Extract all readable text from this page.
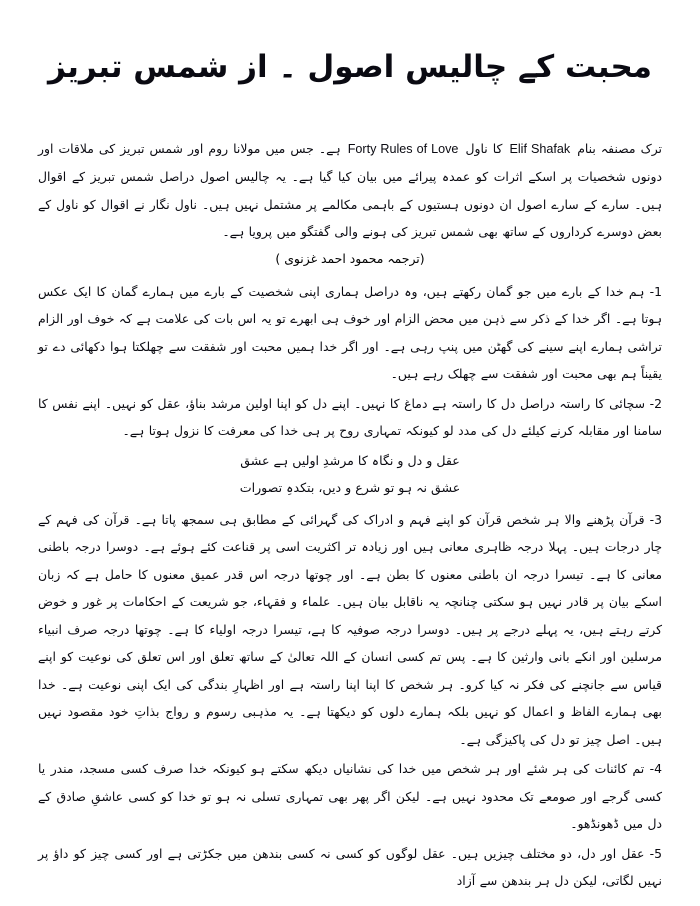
محبت کے چالیس اصول ۔ از شمس تبریز

ترک مصنفہ بنام Elif Shafak کا ناول Forty Rules of Love ہے۔ جس میں مولانا روم اور شمس تبریز کی ملاقات اور دونوں شخصیات پر اسکے اثرات کو عمدہ پیرائے میں بیان کیا گیا ہے۔ یہ چالیس اصول دراصل شمس تبریز کے اقوال ہیں۔ سارے کے سارے اصول ان دونوں ہستیوں کے باہمی مکالمے پر مشتمل نہیں ہیں۔ ناول نگار نے اقوال کو ناول کے بعض دوسرے کرداروں کے ساتھ بھی شمس تبریز کی ہونے والی گفتگو میں پرویا ہے۔

(ترجمہ محمود احمد غزنوی )

1- ہم خدا کے بارے میں جو گمان رکھتے ہیں، وہ دراصل ہماری اپنی شخصیت کے بارے میں ہمارے گمان کا ایک عکس ہوتا ہے۔ اگر خدا کے ذکر سے ذہن میں محض الزام اور خوف ہی ابھرے تو یہ اس بات کی علامت ہے کہ خوف اور الزام تراشی ہمارے اپنے سینے کی گھٹن میں پنپ رہی ہے۔ اور اگر خدا ہمیں محبت اور شفقت سے چھلکتا ہوا دکھائی دے تو یقیناً ہم بھی محبت اور شفقت سے چھلک رہے ہیں۔

2- سچائی کا راستہ دراصل دل کا راستہ ہے دماغ کا نہیں۔ اپنے دل کو اپنا اولین مرشد بناؤ، عقل کو نہیں۔ اپنے نفس کا سامنا اور مقابلہ کرنے کیلئے دل کی مدد لو کیونکہ تمہاری روح پر ہی خدا کی معرفت کا نزول ہوتا ہے۔

عقل و دل و نگاہ کا مرشدِ اولیں ہے عشق

عشق نہ ہو تو شرع و دیں، بتکدہِ تصورات

3- قرآن پڑھنے والا ہر شخص قرآن کو اپنے فہم و ادراک کی گہرائی کے مطابق ہی سمجھ پاتا ہے۔ قرآن کی فہم کے چار درجات ہیں۔ پہلا درجہ ظاہری معانی ہیں اور زیادہ تر اکثریت اسی پر قناعت کئے ہوئے ہے۔ دوسرا درجہ باطنی معانی کا ہے۔ تیسرا درجہ ان باطنی معنوں کا بطن ہے۔ اور چوتھا درجہ اس قدر عمیق معنوں کا حامل ہے کہ زبان اسکے بیان پر قادر نہیں ہو سکتی چنانچہ یہ ناقابل بیان ہیں۔ علماء و فقہاء، جو شریعت کے احکامات پر غور و خوض کرتے رہتے ہیں، یہ پہلے درجے پر ہیں۔ دوسرا درجہ صوفیہ کا ہے، تیسرا درجہ اولیاء کا ہے۔ چوتھا درجہ صرف انبیاء مرسلین اور انکے بانی وارثین کا ہے۔ پس تم کسی انسان کے اللہ تعالیٰ کے ساتھ تعلق اور اس تعلق کی نوعیت کو اپنے قیاس سے جانچنے کی فکر نہ کیا کرو۔ ہر شخص کا اپنا اپنا راستہ ہے اور اظہارِ بندگی کی ایک اپنی نوعیت ہے۔ خدا بھی ہمارے الفاظ و اعمال کو نہیں بلکہ ہمارے دلوں کو دیکھتا ہے۔ یہ مذہبی رسوم و رواج بذاتِ خود مقصود نہیں ہیں۔ اصل چیز تو دل کی پاکیزگی ہے۔

4- تم کائنات کی ہر شئے اور ہر شخص میں خدا کی نشانیاں دیکھ سکتے ہو کیونکہ خدا صرف کسی مسجد، مندر یا کسی گرجے اور صومعے تک محدود نہیں ہے۔ لیکن اگر پھر بھی تمہاری تسلی نہ ہو تو خدا کو کسی عاشقِ صادق کے دل میں ڈھونڈھو۔

5- عقل اور دل، دو مختلف چیزیں ہیں۔ عقل لوگوں کو کسی نہ کسی بندھن میں جکڑتی ہے اور کسی چیز کو داؤ پر نہیں لگاتی، لیکن دل ہر بندھن سے آزاد
